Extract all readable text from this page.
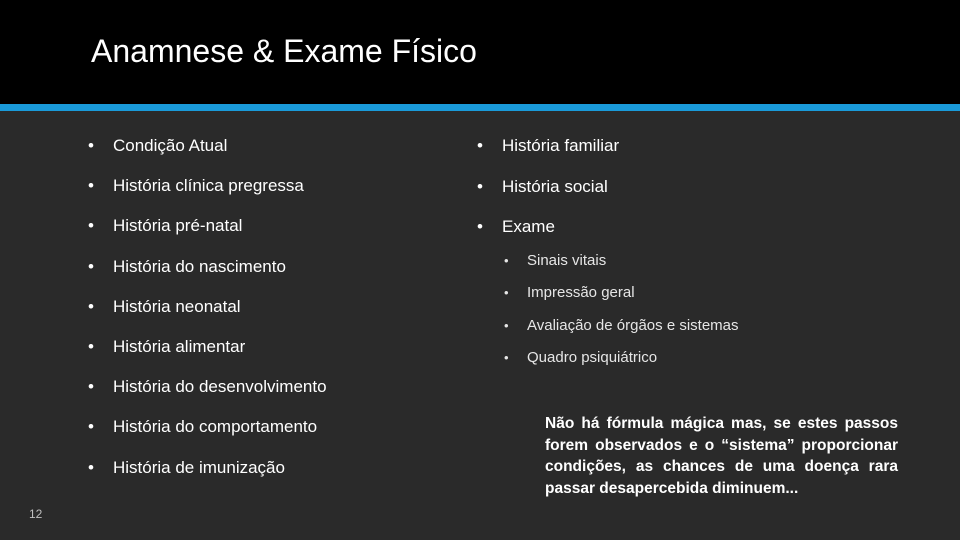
Anamnese & Exame Físico
• Condição Atual
• História clínica pregressa
• História pré-natal
• História do nascimento
• História neonatal
• História alimentar
• História do desenvolvimento
• História do comportamento
• História de imunização
• História familiar
• História social
• Exame
• Sinais vitais
• Impressão geral
• Avaliação de órgãos e sistemas
• Quadro psiquiátrico

Não há fórmula mágica mas, se estes passos forem observados e o “sistema” proporcionar condições, as chances de uma doença rara passar desapercebida diminuem...

12
